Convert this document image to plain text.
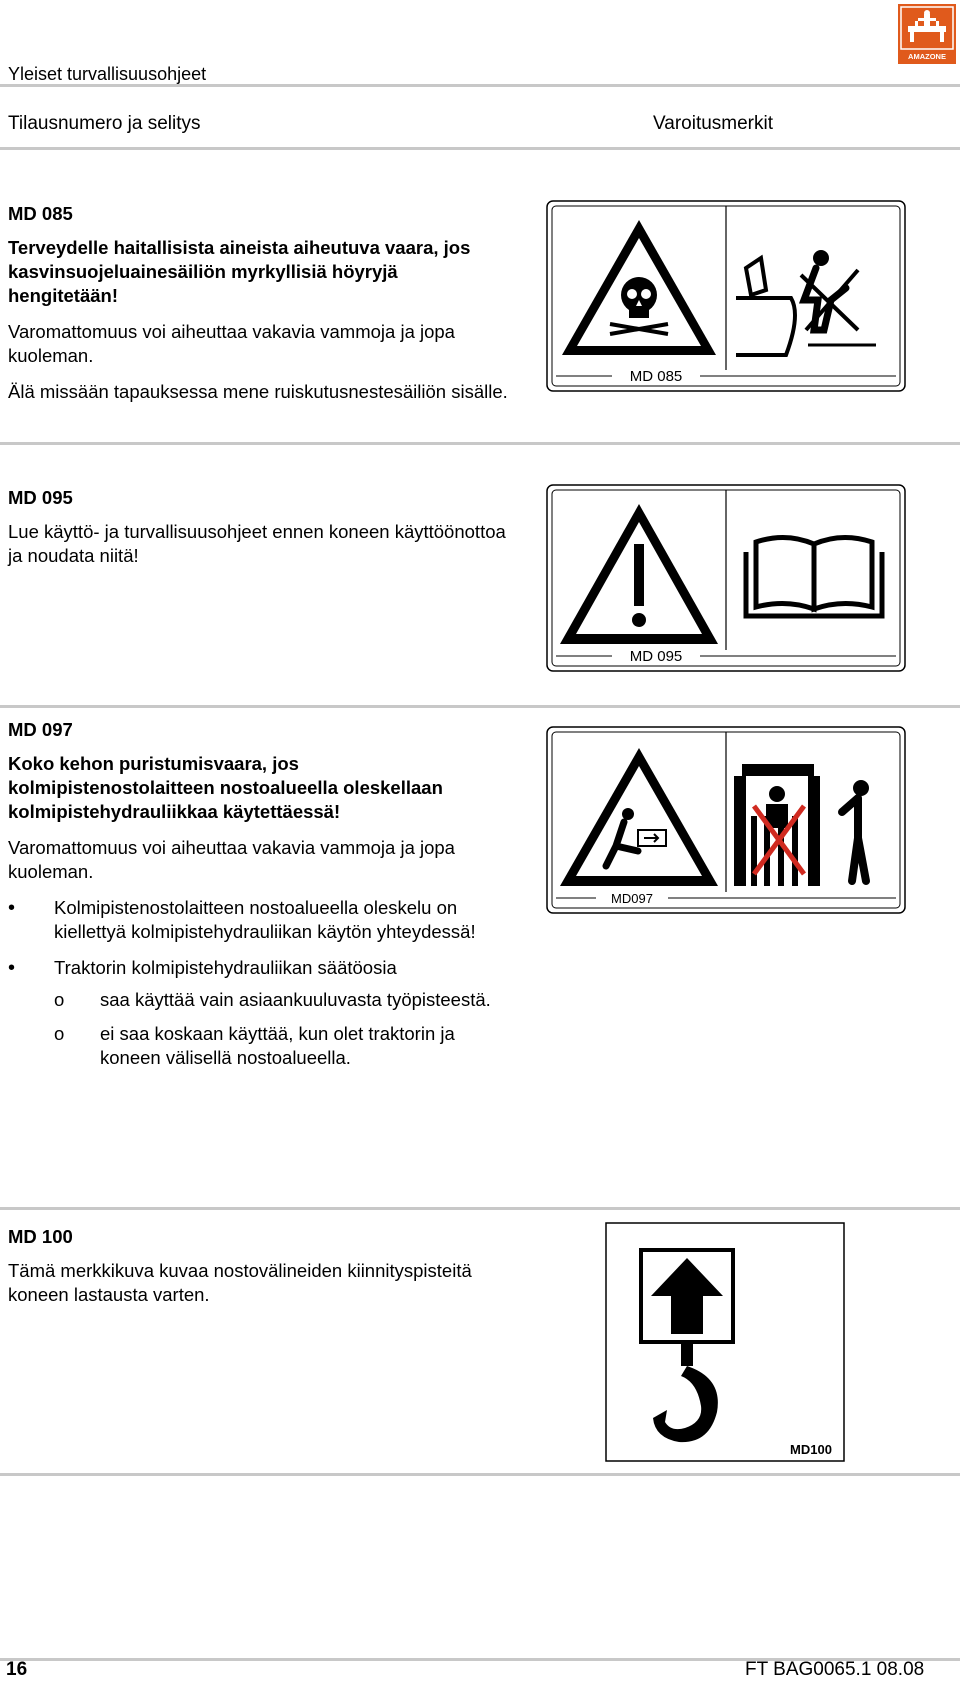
AMAZONE
Yleiset turvallisuusohjeet
Tilausnumero ja selitys	Varoitusmerkit
MD 085
Terveydelle haitallisista aineista aiheutuva vaara, jos kasvinsuojeluainesäiliön myrkyllisiä höyryjä hengitetään!

Varomattomuus voi aiheuttaa vakavia vammoja ja jopa kuoleman.

Älä missään tapauksessa mene ruiskutusnestesäiliön sisälle.

MD 085
MD 095

Lue käyttö- ja turvallisuusohjeet ennen koneen käyttöönottoa ja noudata niitä!

MD 095
MD 097
Koko kehon puristumisvaara, jos kolmipistenostolaitteen nostoalueella oleskellaan kolmipistehydrauliikkaa käytettäessä!

Varomattomuus voi aiheuttaa vakavia vammoja ja jopa kuoleman.

• Kolmipistenostolaitteen nostoalueella oleskelu on kiellettyä kolmipistehydrauliikan käytön yhteydessä!
• Traktorin kolmipistehydrauliikan säätöosia
o saa käyttää vain asiaankuuluvasta työpisteestä.
o ei saa koskaan käyttää, kun olet traktorin ja koneen välisellä nostoalueella.
MD097
MD 100

Tämä merkkikuva kuvaa nostovälineiden kiinnityspisteitä koneen lastausta varten.

MD100
16	FT BAG0065.1 08.08
